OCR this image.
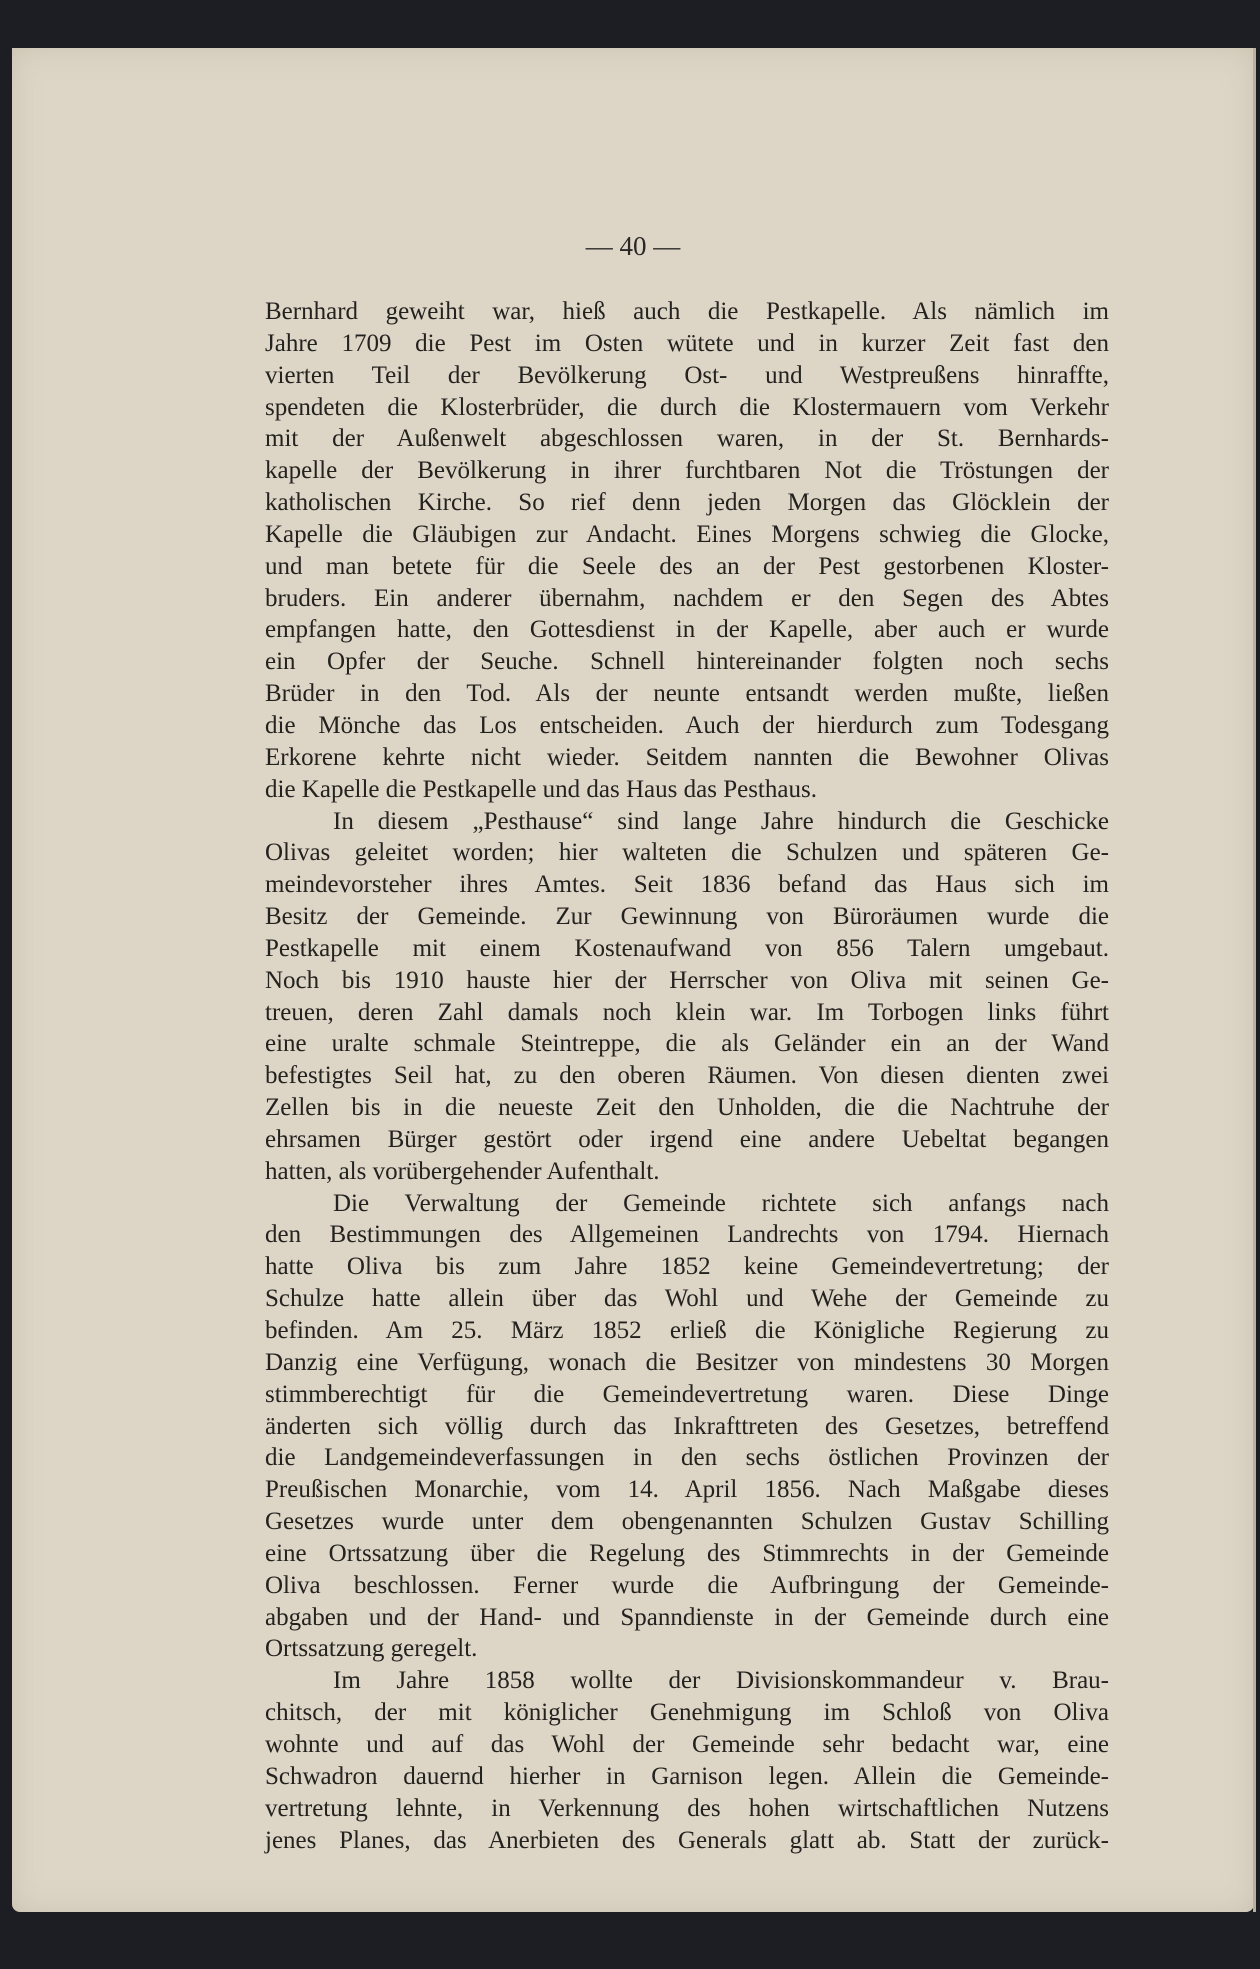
— 40 —
Bernhard geweiht war, hieß auch die Pestkapelle. Als nämlich im
Jahre 1709 die Pest im Osten wütete und in kurzer Zeit fast den
vierten Teil der Bevölkerung Ost- und Westpreußens hinraffte,
spendeten die Klosterbrüder, die durch die Klostermauern vom Verkehr
mit der Außenwelt abgeschlossen waren, in der St. Bernhards-
kapelle der Bevölkerung in ihrer furchtbaren Not die Tröstungen der
katholischen Kirche. So rief denn jeden Morgen das Glöcklein der
Kapelle die Gläubigen zur Andacht. Eines Morgens schwieg die Glocke,
und man betete für die Seele des an der Pest gestorbenen Kloster-
bruders. Ein anderer übernahm, nachdem er den Segen des Abtes
empfangen hatte, den Gottesdienst in der Kapelle, aber auch er wurde
ein Opfer der Seuche. Schnell hintereinander folgten noch sechs
Brüder in den Tod. Als der neunte entsandt werden mußte, ließen
die Mönche das Los entscheiden. Auch der hierdurch zum Todesgang
Erkorene kehrte nicht wieder. Seitdem nannten die Bewohner Olivas
die Kapelle die Pestkapelle und das Haus das Pesthaus.
In diesem „Pesthause“ sind lange Jahre hindurch die Geschicke
Olivas geleitet worden; hier walteten die Schulzen und späteren Ge-
meindevorsteher ihres Amtes. Seit 1836 befand das Haus sich im
Besitz der Gemeinde. Zur Gewinnung von Büroräumen wurde die
Pestkapelle mit einem Kostenaufwand von 856 Talern umgebaut.
Noch bis 1910 hauste hier der Herrscher von Oliva mit seinen Ge-
treuen, deren Zahl damals noch klein war. Im Torbogen links führt
eine uralte schmale Steintreppe, die als Geländer ein an der Wand
befestigtes Seil hat, zu den oberen Räumen. Von diesen dienten zwei
Zellen bis in die neueste Zeit den Unholden, die die Nachtruhe der
ehrsamen Bürger gestört oder irgend eine andere Uebeltat begangen
hatten, als vorübergehender Aufenthalt.
Die Verwaltung der Gemeinde richtete sich anfangs nach
den Bestimmungen des Allgemeinen Landrechts von 1794. Hiernach
hatte Oliva bis zum Jahre 1852 keine Gemeindevertretung; der
Schulze hatte allein über das Wohl und Wehe der Gemeinde zu
befinden. Am 25. März 1852 erließ die Königliche Regierung zu
Danzig eine Verfügung, wonach die Besitzer von mindestens 30 Morgen
stimmberechtigt für die Gemeindevertretung waren. Diese Dinge
änderten sich völlig durch das Inkrafttreten des Gesetzes, betreffend
die Landgemeindeverfassungen in den sechs östlichen Provinzen der
Preußischen Monarchie, vom 14. April 1856. Nach Maßgabe dieses
Gesetzes wurde unter dem obengenannten Schulzen Gustav Schilling
eine Ortssatzung über die Regelung des Stimmrechts in der Gemeinde
Oliva beschlossen. Ferner wurde die Aufbringung der Gemeinde-
abgaben und der Hand- und Spanndienste in der Gemeinde durch eine
Ortssatzung geregelt.
Im Jahre 1858 wollte der Divisionskommandeur v. Brau-
chitsch, der mit königlicher Genehmigung im Schloß von Oliva
wohnte und auf das Wohl der Gemeinde sehr bedacht war, eine
Schwadron dauernd hierher in Garnison legen. Allein die Gemeinde-
vertretung lehnte, in Verkennung des hohen wirtschaftlichen Nutzens
jenes Planes, das Anerbieten des Generals glatt ab. Statt der zurück-
